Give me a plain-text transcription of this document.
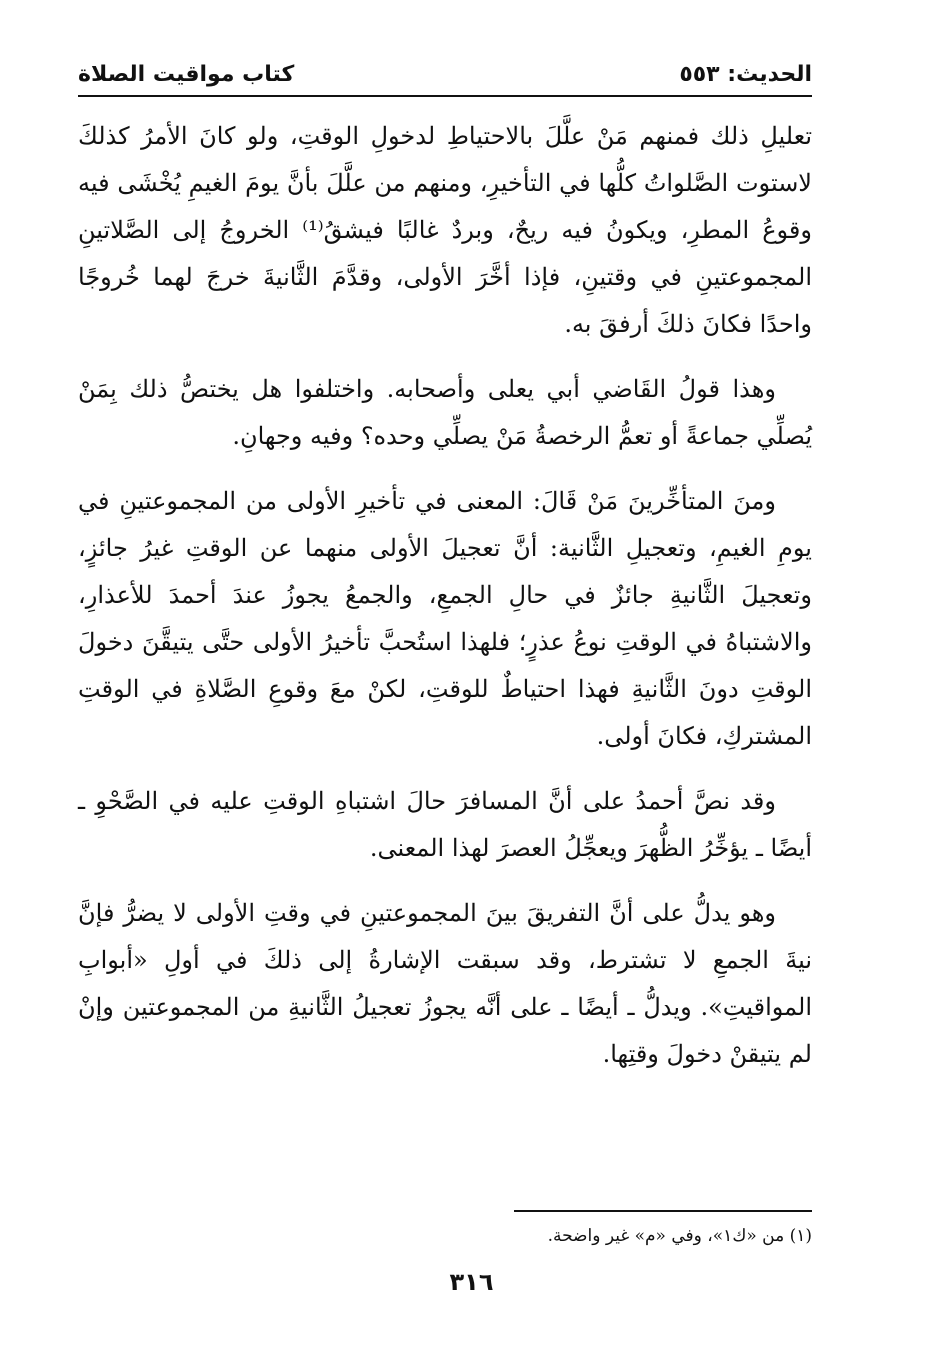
الحديث: ٥٥٣
كتاب مواقيت الصلاة

تعليلِ ذلك فمنهم مَنْ علَّلَ بالاحتياطِ لدخولِ الوقتِ، ولو كانَ الأمرُ كذلكَ لاستوت الصَّلواتُ كلُّها في التأخيرِ، ومنهم من علَّلَ بأنَّ يومَ الغيمِ يُخْشَى فيه وقوعُ المطرِ، ويكونُ فيه ريحٌ، وبردٌ غالبًا فيشقُ⁽¹⁾ الخروجُ إلى الصَّلاتينِ المجموعتينِ في وقتينِ، فإذا أخَّرَ الأولى، وقدَّمَ الثَّانيةَ خرجَ لهما خُروجًا واحدًا فكانَ ذلكَ أرفقَ به.

وهذا قولُ القَاضي أبي يعلى وأصحابه. واختلفوا هل يختصُّ ذلك بِمَنْ يُصلِّي جماعةً أو تعمُّ الرخصةُ مَنْ يصلِّي وحده؟ وفيه وجهانِ.

ومنَ المتأخِّرينَ مَنْ قَالَ: المعنى في تأخيرِ الأولى من المجموعتينِ في يومِ الغيمِ، وتعجيلِ الثَّانية: أنَّ تعجيلَ الأولى منهما عن الوقتِ غيرُ جائزٍ، وتعجيلَ الثَّانيةِ جائزٌ في حالِ الجمعِ، والجمعُ يجوزُ عندَ أحمدَ للأعذارِ، والاشتباهُ في الوقتِ نوعُ عذرٍ؛ فلهذا استُحبَّ تأخيرُ الأولى حتَّى يتيقَّنَ دخولَ الوقتِ دونَ الثَّانيةِ فهذا احتياطٌ للوقتِ، لكنْ معَ وقوعِ الصَّلاةِ في الوقتِ المشتركِ، فكانَ أولى.

وقد نصَّ أحمدُ على أنَّ المسافرَ حالَ اشتباهِ الوقتِ عليه في الصَّحْوِ ـ أيضًا ـ يؤخِّرُ الظُّهرَ ويعجِّلُ العصرَ لهذا المعنى.

وهو يدلُّ على أنَّ التفريقَ بينَ المجموعتينِ في وقتِ الأولى لا يضرُّ فإنَّ نيةَ الجمعِ لا تشترط، وقد سبقت الإشارةُ إلى ذلكَ في أولِ «أبوابِ المواقيتِ». ويدلُّ ـ أيضًا ـ على أنَّه يجوزُ تعجيلُ الثَّانيةِ من المجموعتين وإنْ لم يتيقنْ دخولَ وقتِها.

(١) من «ك١»، وفي «م» غير واضحة.
٣١٦
